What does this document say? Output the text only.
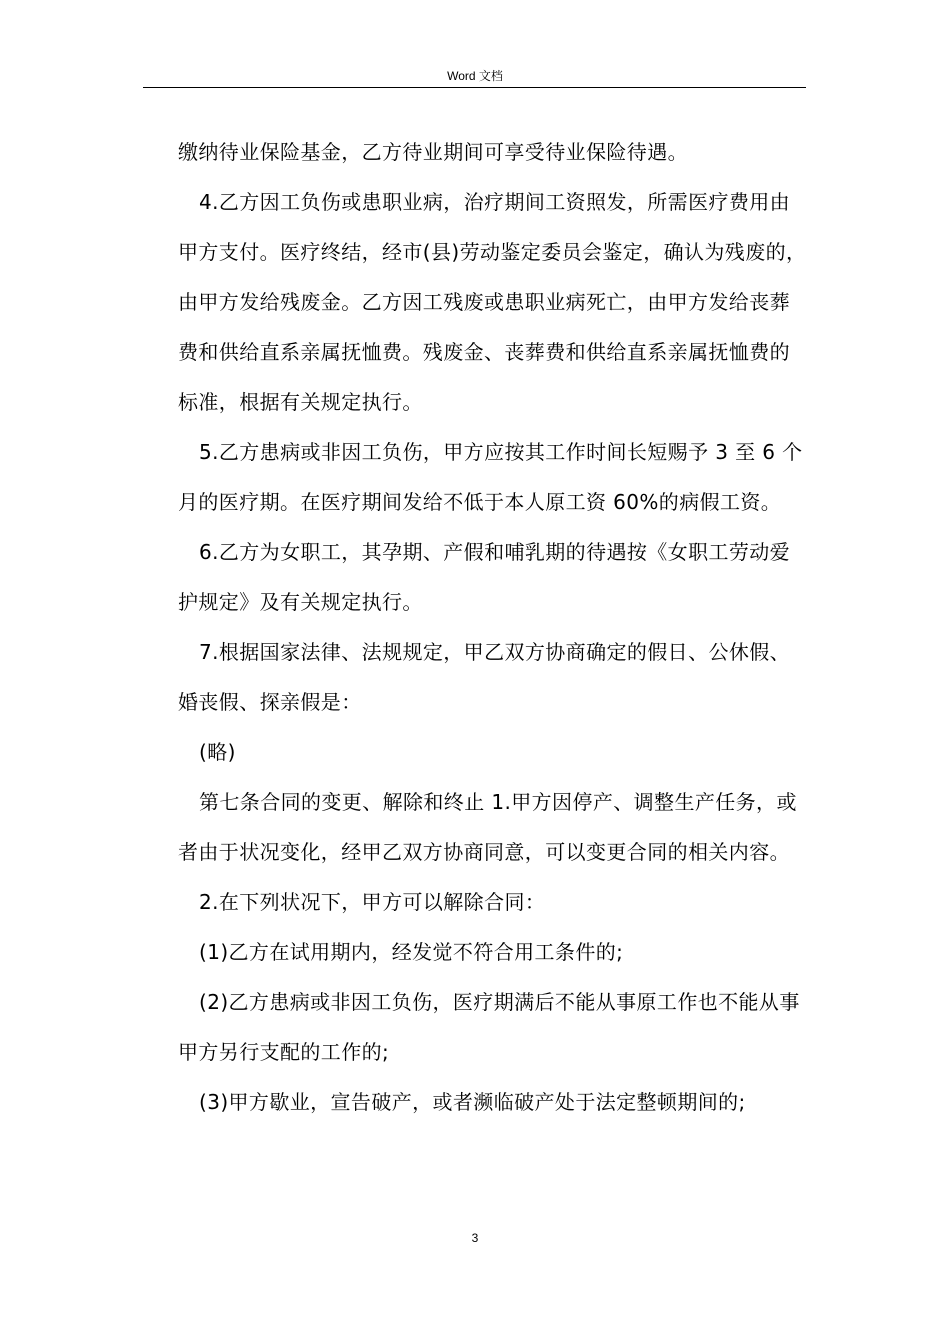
Word 文档

缴纳待业保险基金，乙方待业期间可享受待业保险待遇。

4.乙方因工负伤或患职业病，治疗期间工资照发，所需医疗费用由甲方支付。医疗终结，经市(县)劳动鉴定委员会鉴定，确认为残废的，由甲方发给残废金。乙方因工残废或患职业病死亡，由甲方发给丧葬费和供给直系亲属抚恤费。残废金、丧葬费和供给直系亲属抚恤费的标准，根据有关规定执行。

5.乙方患病或非因工负伤，甲方应按其工作时间长短赐予 3 至 6 个月的医疗期。在医疗期间发给不低于本人原工资 60%的病假工资。

6.乙方为女职工，其孕期、产假和哺乳期的待遇按《女职工劳动爱护规定》及有关规定执行。

7.根据国家法律、法规规定，甲乙双方协商确定的假日、公休假、婚丧假、探亲假是：

(略)

第七条合同的变更、解除和终止 1.甲方因停产、调整生产任务，或者由于状况变化，经甲乙双方协商同意，可以变更合同的相关内容。

2.在下列状况下，甲方可以解除合同：

(1)乙方在试用期内，经发觉不符合用工条件的;

(2)乙方患病或非因工负伤，医疗期满后不能从事原工作也不能从事甲方另行支配的工作的;

(3)甲方歇业，宣告破产，或者濒临破产处于法定整顿期间的;

3
